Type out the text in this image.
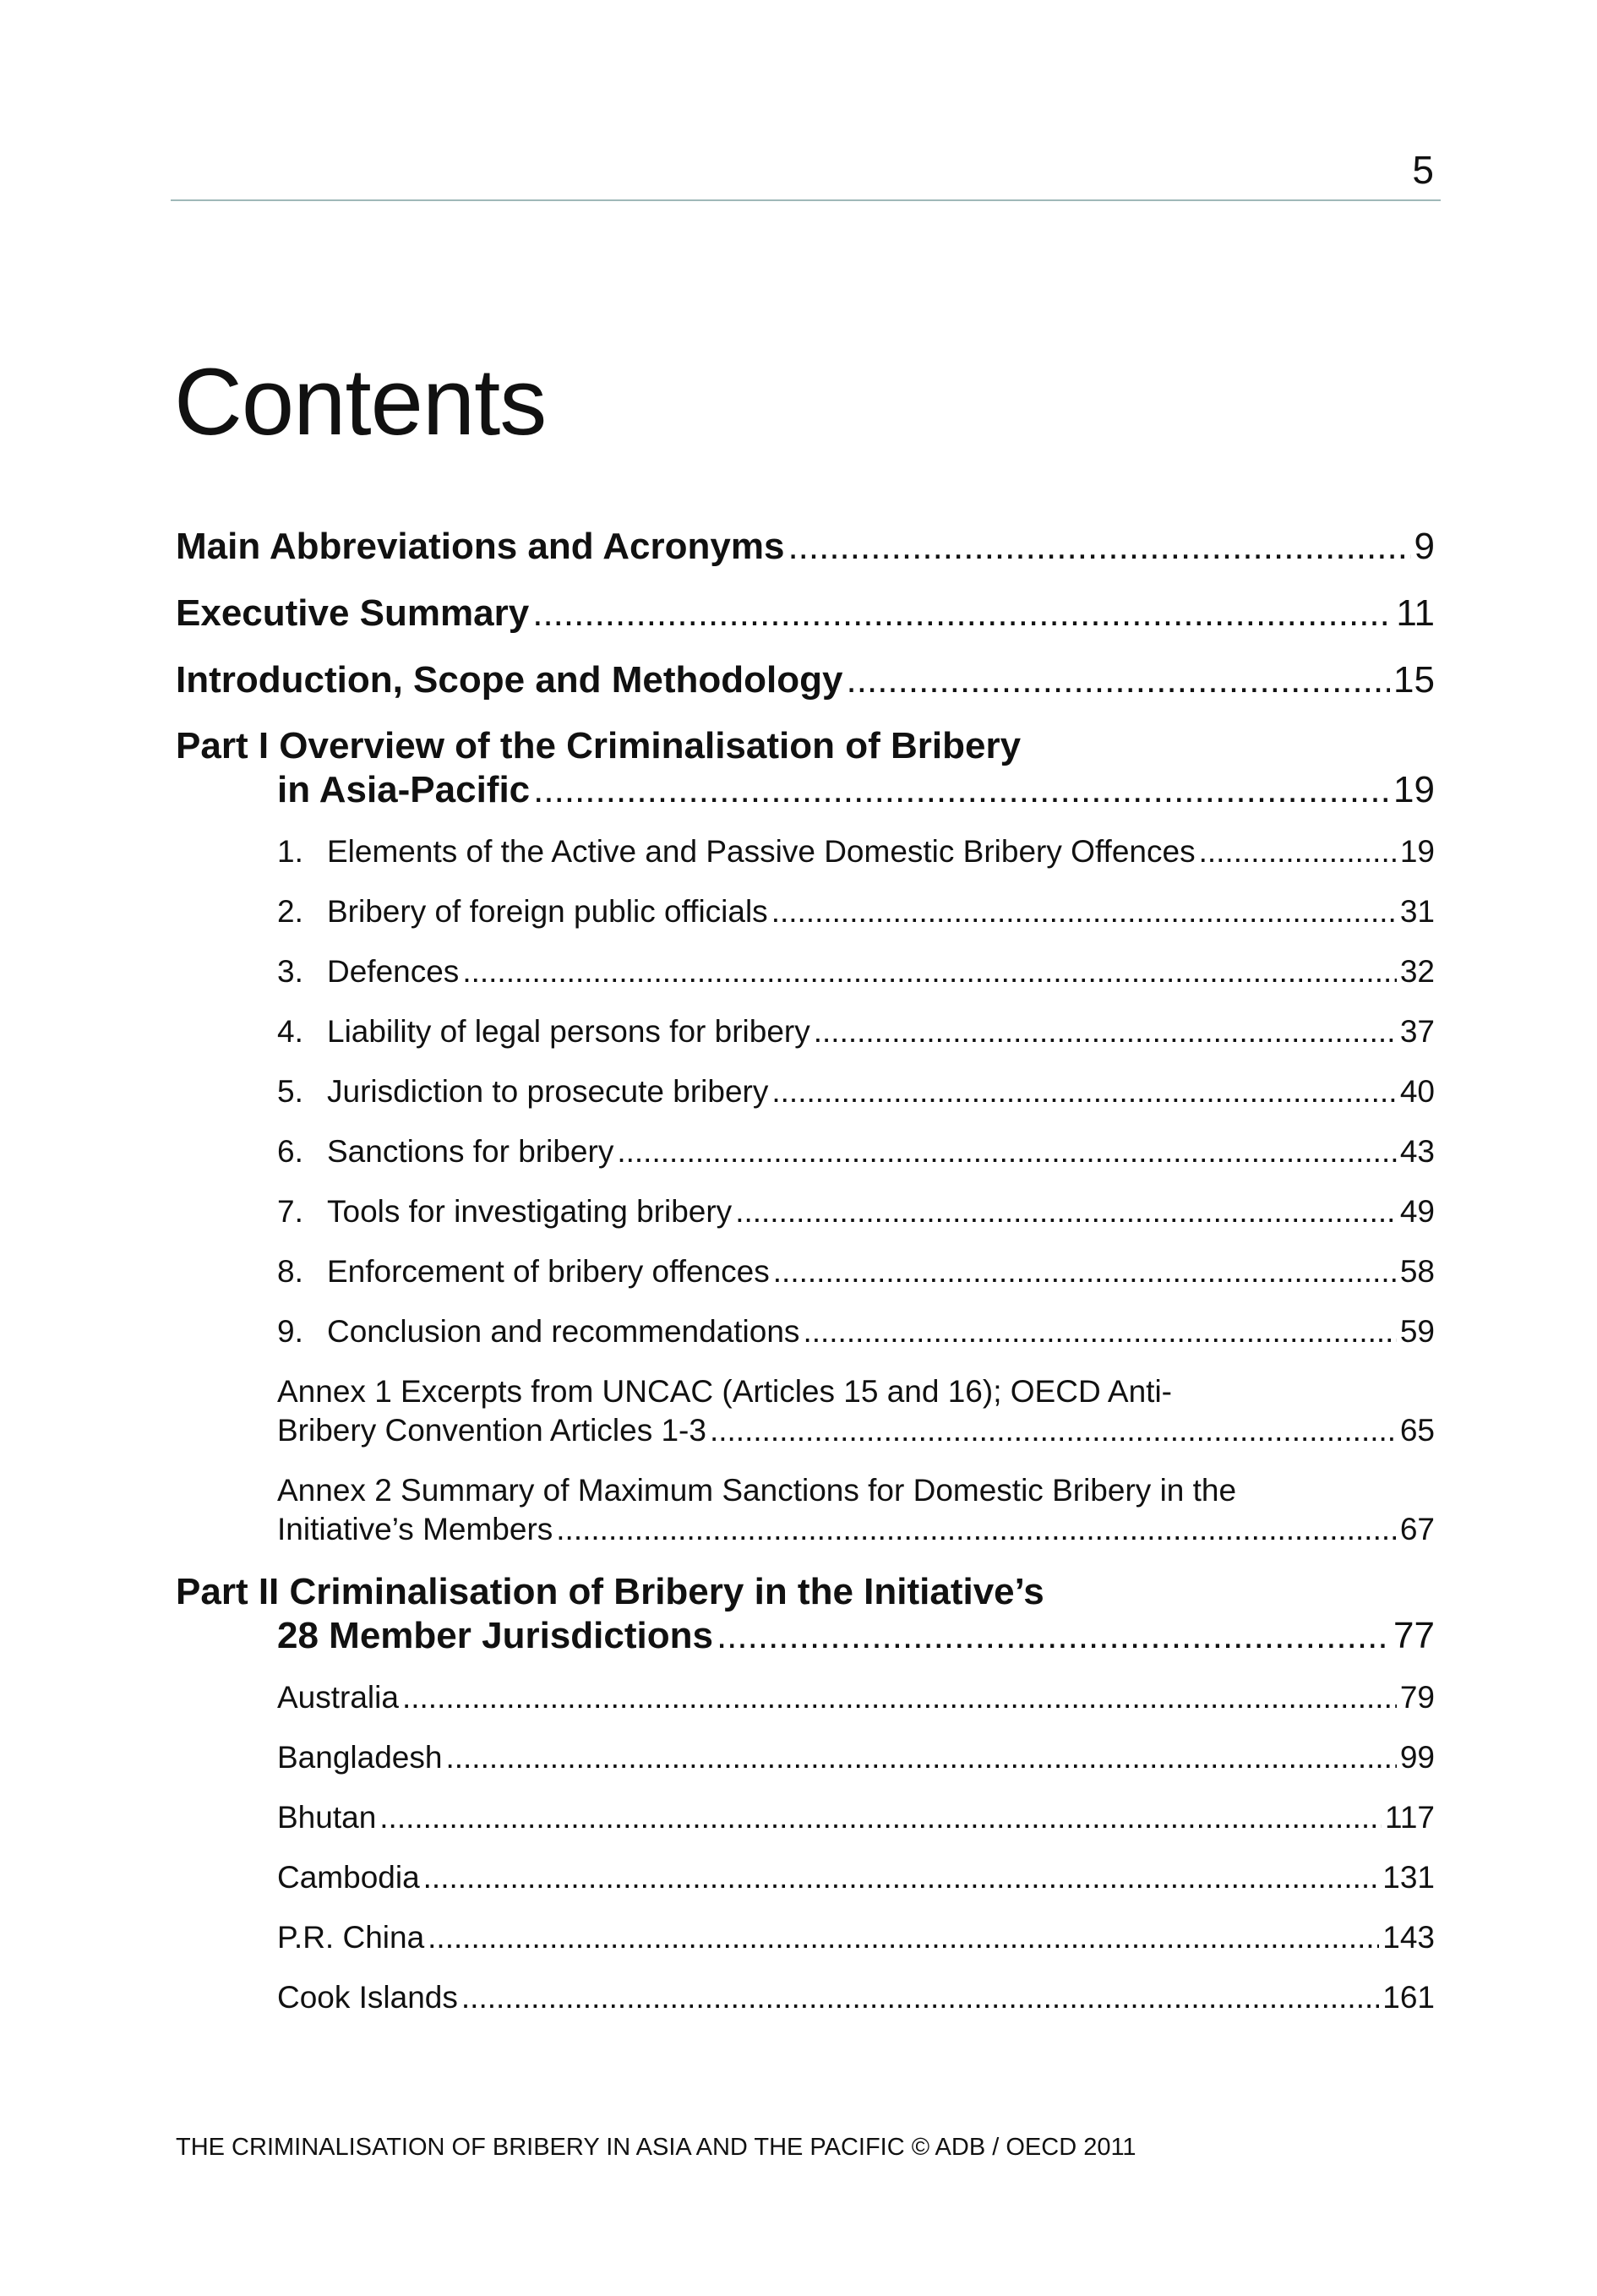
5
Contents
Main Abbreviations and Acronyms .....	9
Executive Summary .....	11
Introduction, Scope and Methodology .....	15
Part I Overview of the Criminalisation of Bribery
in Asia-Pacific .....	19
1. Elements of the Active and Passive Domestic Bribery Offences .....	19
2. Bribery of foreign public officials .....	31
3. Defences .....	32
4. Liability of legal persons for bribery .....	37
5. Jurisdiction to prosecute bribery .....	40
6. Sanctions for bribery .....	43
7. Tools for investigating bribery .....	49
8. Enforcement of bribery offences .....	58
9. Conclusion and recommendations .....	59
Annex 1 Excerpts from UNCAC (Articles 15 and 16); OECD Anti-
Bribery Convention Articles 1-3 .....	65
Annex 2 Summary of Maximum Sanctions for Domestic Bribery in the
Initiative’s Members .....	67
Part II Criminalisation of Bribery in the Initiative’s
28 Member Jurisdictions .....	77
Australia .....	79
Bangladesh .....	99
Bhutan .....	117
Cambodia .....	131
P.R. China .....	143
Cook Islands .....	161
THE CRIMINALISATION OF BRIBERY IN ASIA AND THE PACIFIC © ADB / OECD 2011
